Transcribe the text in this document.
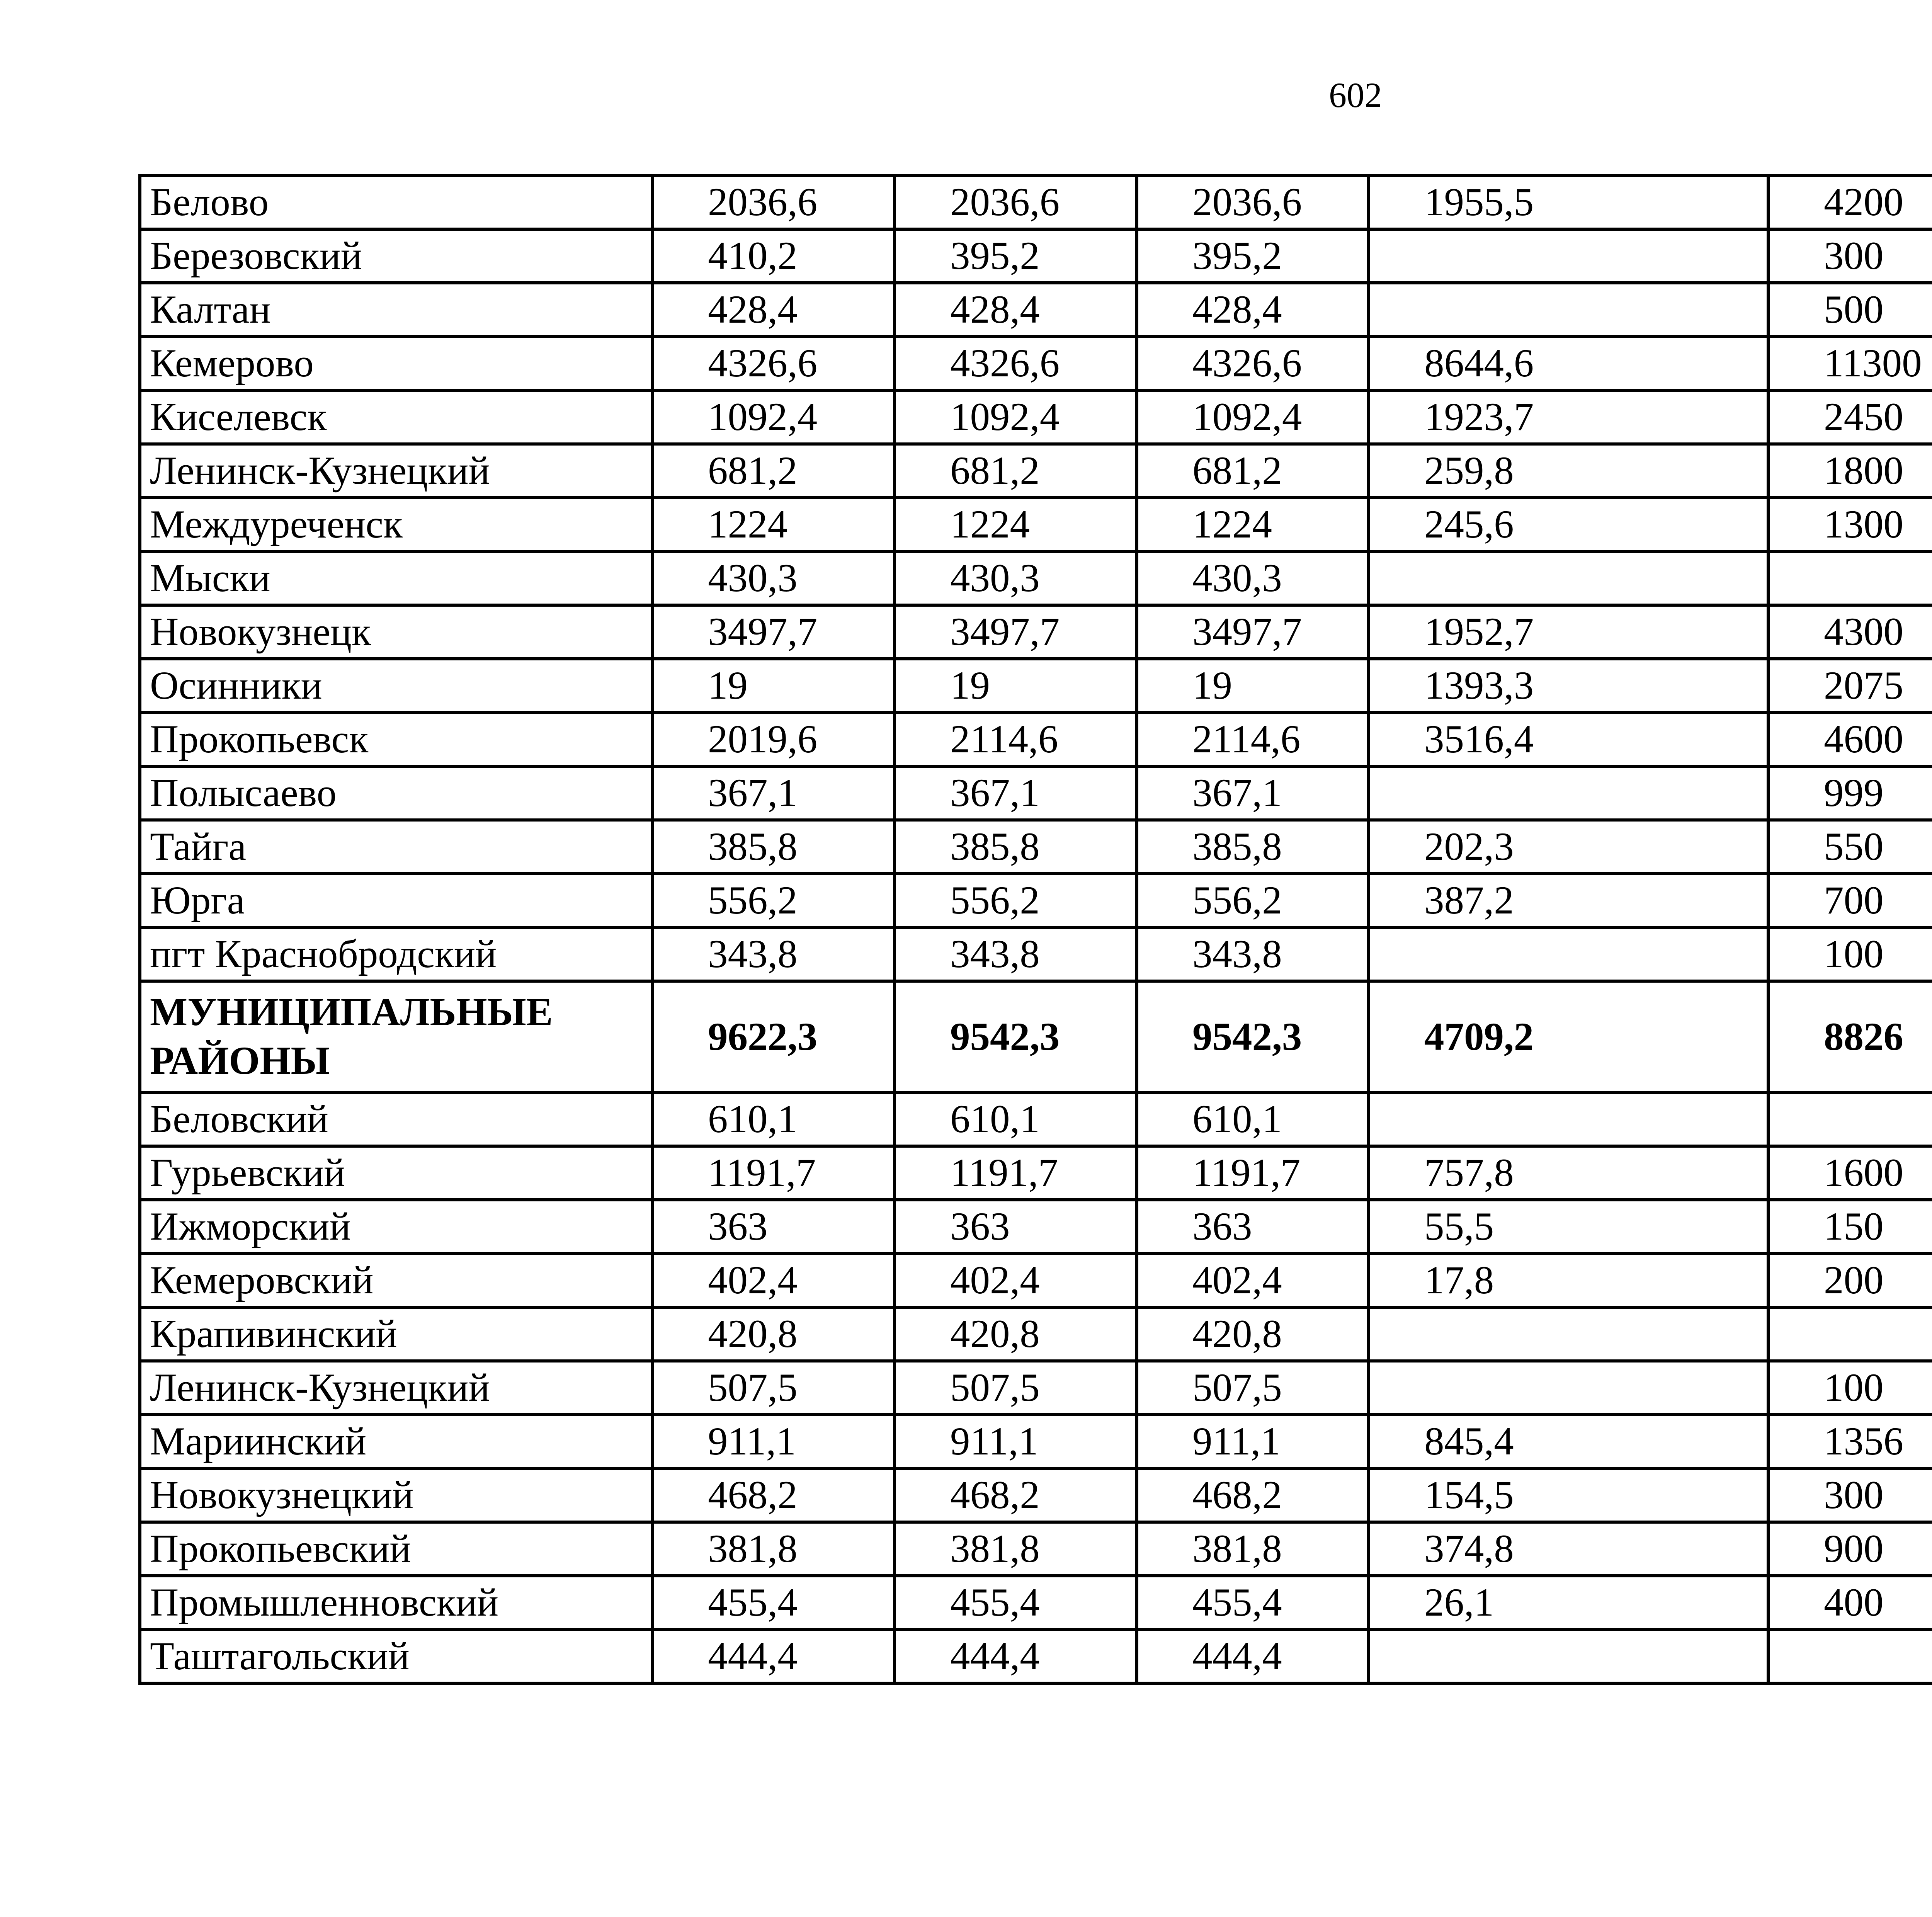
602
Белово	2036,6	2036,6	2036,6	1955,5	4200	
Березовский	410,2	395,2	395,2		300	
Калтан	428,4	428,4	428,4		500	
Кемерово	4326,6	4326,6	4326,6	8644,6	11300	
Киселевск	1092,4	1092,4	1092,4	1923,7	2450	
Ленинск-Кузнецкий	681,2	681,2	681,2	259,8	1800	
Междуреченск	1224	1224	1224	245,6	1300	
Мыски	430,3	430,3	430,3			
Новокузнецк	3497,7	3497,7	3497,7	1952,7	4300	
Осинники	19	19	19	1393,3	2075	
Прокопьевск	2019,6	2114,6	2114,6	3516,4	4600	
Полысаево	367,1	367,1	367,1		999	
Тайга	385,8	385,8	385,8	202,3	550	
Юрга	556,2	556,2	556,2	387,2	700	
пгт Краснобродский	343,8	343,8	343,8		100	
МУНИЦИПАЛЬНЫЕ РАЙОНЫ	9622,3	9542,3	9542,3	4709,2	8826	
Беловский	610,1	610,1	610,1			
Гурьевский	1191,7	1191,7	1191,7	757,8	1600	
Ижморский	363	363	363	55,5	150	
Кемеровский	402,4	402,4	402,4	17,8	200	
Крапивинский	420,8	420,8	420,8			
Ленинск-Кузнецкий	507,5	507,5	507,5		100	
Мариинский	911,1	911,1	911,1	845,4	1356	
Новокузнецкий	468,2	468,2	468,2	154,5	300	
Прокопьевский	381,8	381,8	381,8	374,8	900	
Промышленновский	455,4	455,4	455,4	26,1	400	
Таштагольский	444,4	444,4	444,4			
